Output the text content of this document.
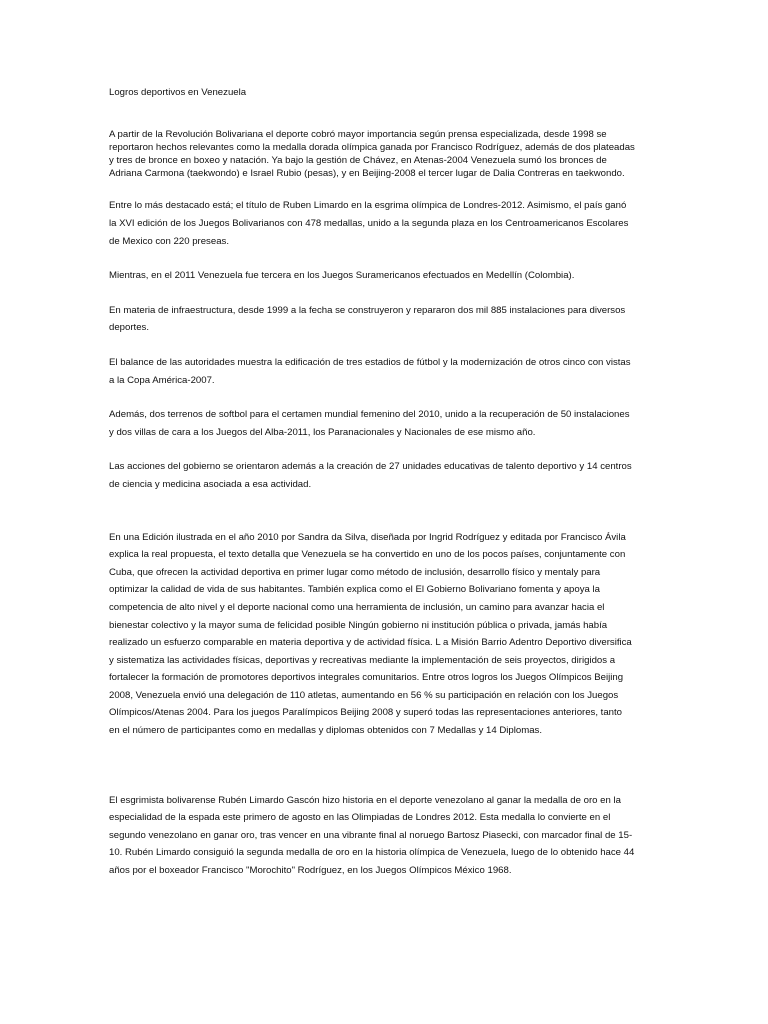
Logros deportivos en Venezuela

A partir de la Revolución Bolivariana el deporte cobró mayor importancia según prensa especializada, desde 1998 se reportaron hechos relevantes como la medalla dorada olímpica ganada por Francisco Rodríguez, además de dos plateadas y tres de bronce en boxeo y natación. Ya bajo la gestión de Chávez, en Atenas-2004 Venezuela sumó los bronces de Adriana Carmona (taekwondo) e Israel Rubio (pesas), y en Beijing-2008 el tercer lugar de Dalia Contreras en taekwondo.

Entre lo más destacado está; el título de Ruben Limardo en la esgrima olímpica de Londres-2012. Asimismo, el país ganó la XVI edición de los Juegos Bolivarianos con 478 medallas, unido a la segunda plaza en los Centroamericanos Escolares de Mexico con 220 preseas.

Mientras, en el 2011 Venezuela fue tercera en los Juegos Suramericanos efectuados en Medellín (Colombia).

En materia de infraestructura, desde 1999 a la fecha se construyeron y repararon dos mil 885 instalaciones para diversos deportes.

El balance de las autoridades muestra la edificación de tres estadios de fútbol y la modernización de otros cinco con vistas a la Copa América-2007.

Además, dos terrenos de softbol para el certamen mundial femenino del 2010, unido a la recuperación de 50 instalaciones y dos villas de cara a los Juegos del Alba-2011, los Paranacionales y Nacionales de ese mismo año.

Las acciones del gobierno se orientaron además a la creación de 27 unidades educativas de talento deportivo y 14 centros de ciencia y medicina asociada a esa actividad.

En una Edición ilustrada en el año 2010 por Sandra da Silva, diseñada por Ingrid Rodríguez y editada por Francisco Ávila explica la real propuesta, el texto detalla que Venezuela se ha convertido en uno de los pocos países, conjuntamente con Cuba, que ofrecen la actividad deportiva en primer lugar como método de inclusión, desarrollo físico y mentaly para optimizar la calidad de vida de sus habitantes. También explica como el El Gobierno Bolivariano fomenta y apoya la competencia de alto nivel y el deporte nacional como una herramienta de inclusión, un camino para avanzar hacia el bienestar colectivo y la mayor suma de felicidad posible Ningún gobierno ni institución pública o privada, jamás había realizado un esfuerzo comparable en materia deportiva y de actividad física. L a Misión Barrio Adentro Deportivo diversifica y sistematiza las actividades físicas, deportivas y recreativas mediante la implementación de seis proyectos, dirigidos a fortalecer la formación de promotores deportivos integrales comunitarios. Entre otros logros los Juegos Olímpicos Beijing 2008, Venezuela envió una delegación de 110 atletas, aumentando en 56 % su participación en relación con los Juegos Olímpicos/Atenas 2004. Para los juegos Paralímpicos Beijing 2008 y superó todas las representaciones anteriores, tanto en el número de participantes como en medallas y diplomas obtenidos con 7 Medallas y 14 Diplomas.

El esgrimista bolivarense Rubén Limardo Gascón hizo historia en el deporte venezolano al ganar la medalla de oro en la especialidad de la espada este primero de agosto en las Olimpiadas de Londres 2012. Esta medalla lo convierte en el segundo venezolano en ganar oro, tras vencer en una vibrante final al noruego Bartosz Piasecki, con marcador final de 15-10. Rubén Limardo consiguió la segunda medalla de oro en la historia olímpica de Venezuela, luego de lo obtenido hace 44 años por el boxeador Francisco "Morochito" Rodríguez, en los Juegos Olímpicos México 1968.
